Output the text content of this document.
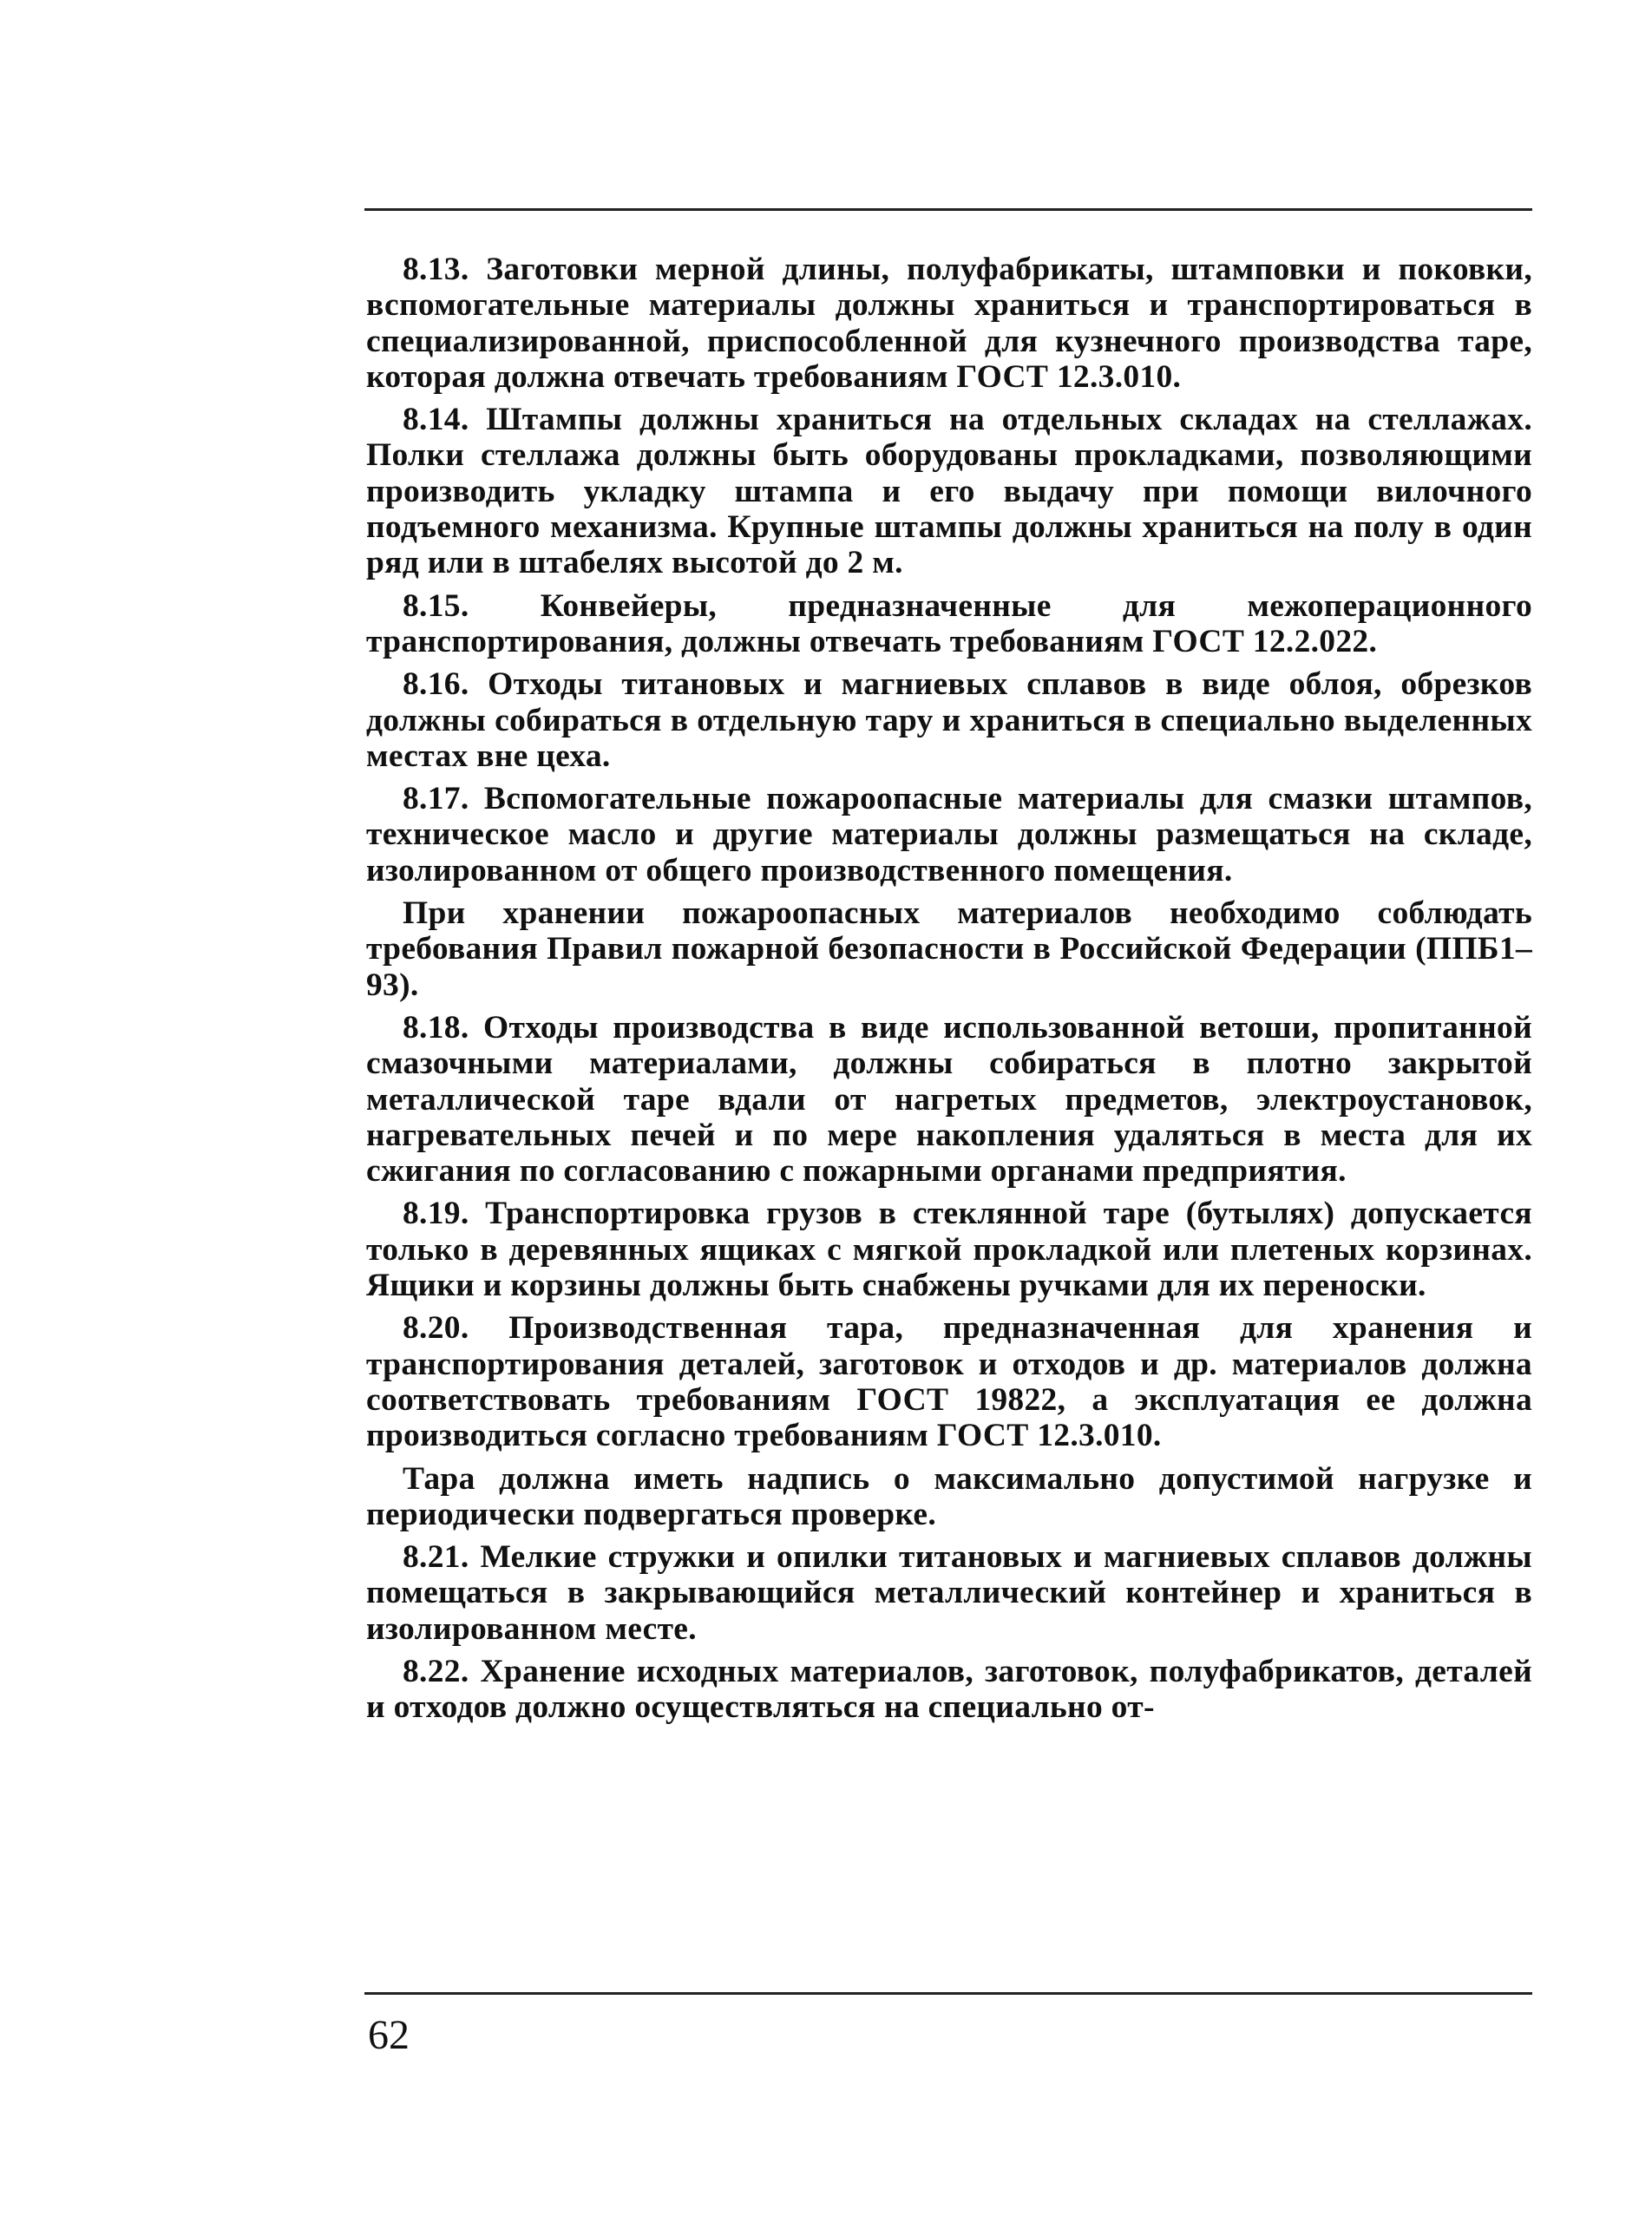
8.13. Заготовки мерной длины, полуфабрикаты, штамповки и поковки, вспомогательные материалы должны храниться и транспортироваться в специализированной, приспособленной для кузнечного производства таре, которая должна отвечать требованиям ГОСТ 12.3.010.

8.14. Штампы должны храниться на отдельных складах на стеллажах. Полки стеллажа должны быть оборудованы прокладками, позволяющими производить укладку штампа и его выдачу при помощи вилочного подъемного механизма. Крупные штампы должны храниться на полу в один ряд или в штабелях высотой до 2 м.

8.15. Конвейеры, предназначенные для межоперационного транспортирования, должны отвечать требованиям ГОСТ 12.2.022.

8.16. Отходы титановых и магниевых сплавов в виде облоя, обрезков должны собираться в отдельную тару и храниться в специально выделенных местах вне цеха.

8.17. Вспомогательные пожароопасные материалы для смазки штампов, техническое масло и другие материалы должны размещаться на складе, изолированном от общего производственного помещения.

При хранении пожароопасных материалов необходимо соблюдать требования Правил пожарной безопасности в Российской Федерации (ППБ1–93).

8.18. Отходы производства в виде использованной ветоши, пропитанной смазочными материалами, должны собираться в плотно закрытой металлической таре вдали от нагретых предметов, электроустановок, нагревательных печей и по мере накопления удаляться в места для их сжигания по согласованию с пожарными органами предприятия.

8.19. Транспортировка грузов в стеклянной таре (бутылях) допускается только в деревянных ящиках с мягкой прокладкой или плетеных корзинах. Ящики и корзины должны быть снабжены ручками для их переноски.

8.20. Производственная тара, предназначенная для хранения и транспортирования деталей, заготовок и отходов и др. материалов должна соответствовать требованиям ГОСТ 19822, а эксплуатация ее должна производиться согласно требованиям ГОСТ 12.3.010.

Тара должна иметь надпись о максимально допустимой нагрузке и периодически подвергаться проверке.

8.21. Мелкие стружки и опилки титановых и магниевых сплавов должны помещаться в закрывающийся металлический контейнер и храниться в изолированном месте.

8.22. Хранение исходных материалов, заготовок, полуфабрикатов, деталей и отходов должно осуществляться на специально от-

62
